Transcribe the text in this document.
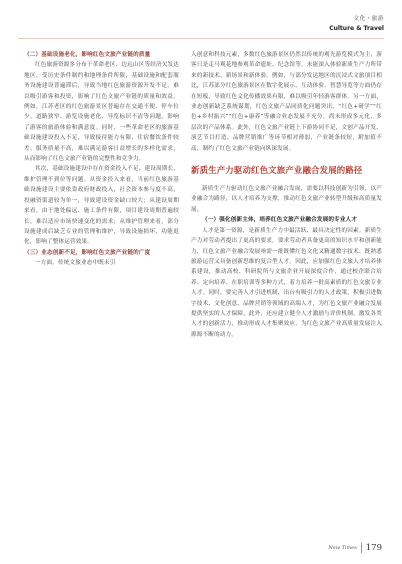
文化・旅游
Culture & Travel

（二）基础设施老化，影响红色文旅产业链的质量

红色旅游资源多分布于革命老区、边远山区等经济欠发达地区，受历史条件制约和地理条件所限，基础设施和配套服务设施建设普遍滞后，导致当地红色旅游资源开发不足，难以吸引游客和投资，影响了红色文旅产业链的质量和效益。例如，江苏老区的红色旅游景区普遍存在交通不便、停车位少、道路狭窄、游览设施老化、导览标识不清等问题，影响了游客的旅游体验和满意度。同时，一些革命老区的旅游基础设施建设投入不足，导致接待能力有限、住宿餐饮条件较差、服务质量不高，难以满足游客日益增长的多样化需求，从而影响了红色文旅产业链的完整性和竞争力。

其次，基础设施建设中存在资金投入不足、建设周期长、维护管理不到位等问题。从资金投入来看，当前红色旅游基础设施建设主要依靠政府财政投入，社会资本参与度不高，投融资渠道较为单一，导致建设资金缺口较大；从建设周期来看，由于地处偏远、施工条件有限，项目建设周期普遍较长，难以适应市场快速变化的需求；从维护管理来看，部分设施建成后缺乏专业的管理和维护，导致设施损坏、功能退化，影响了整体运营效果。

（三）业态创新不足，影响红色文旅产业链的广度

一方面，传统文旅业态中既未引

入创意和科技元素，多数红色旅游景区仍然以传统的观光游览模式为主，游客只是走马观花地参观革命遗址、纪念馆等，未能深入体验新质生产力所带来的新技术、新场景和新体验。例如，与部分发达地区的沉浸式文旅项目相比，江苏部分红色旅游景区在数字化展示、互动体验、智慧导览等方面仍存在短板，导致红色文化传播效果有限，难以吸引年轻游客群体。另一方面，业态创新缺乏系统谋划，红色文旅产品同质化问题突出，“红色+研学”“红色+乡村振兴”“红色+康养”等融合业态发展不充分，尚未形成多元化、多层次的产品体系。此外，红色文旅产业链上下游协同不足，文创产品开发、演艺节目打造、品牌营销推广等环节相对薄弱，产业链条较短，附加值不高，制约了红色文旅产业链向纵深发展。

新质生产力驱动红色文旅产业融合发展的路径

新质生产力驱动红色文旅产业融合发展，需要以科技创新为引领，以产业融合为路径，以人才培养为支撑，推动红色文旅产业转型升级和高质量发展。

（一）强化创新主体，培养红色文旅产业融合发展的专业人才

人才是第一资源，是新质生产力中最活跃、最具决定性的因素。新质生产力对劳动者提出了更高的要求，要求劳动者具备更高的知识水平和创新能力，红色文旅产业融合发展亟需一批既懂红色文化又精通数字技术、既熟悉旅游运营又具备创新思维的复合型人才。因此，应加强红色文旅人才培养体系建设，推动高校、科研院所与文旅企业开展深度合作，通过校企联合培养、定向培养、在职培训等多种方式，着力培养一批高素质的红色文旅专业人才。同时，要完善人才引进机制，出台有吸引力的人才政策，积极引进数字技术、文化创意、品牌营销等领域的高端人才，为红色文旅产业融合发展提供坚实的人才保障。此外，还应建立健全人才激励与评价机制，激发各类人才的创新活力，推动形成人才集聚效应，为红色文旅产业高质量发展注入源源不断的动力。

New Times 179
